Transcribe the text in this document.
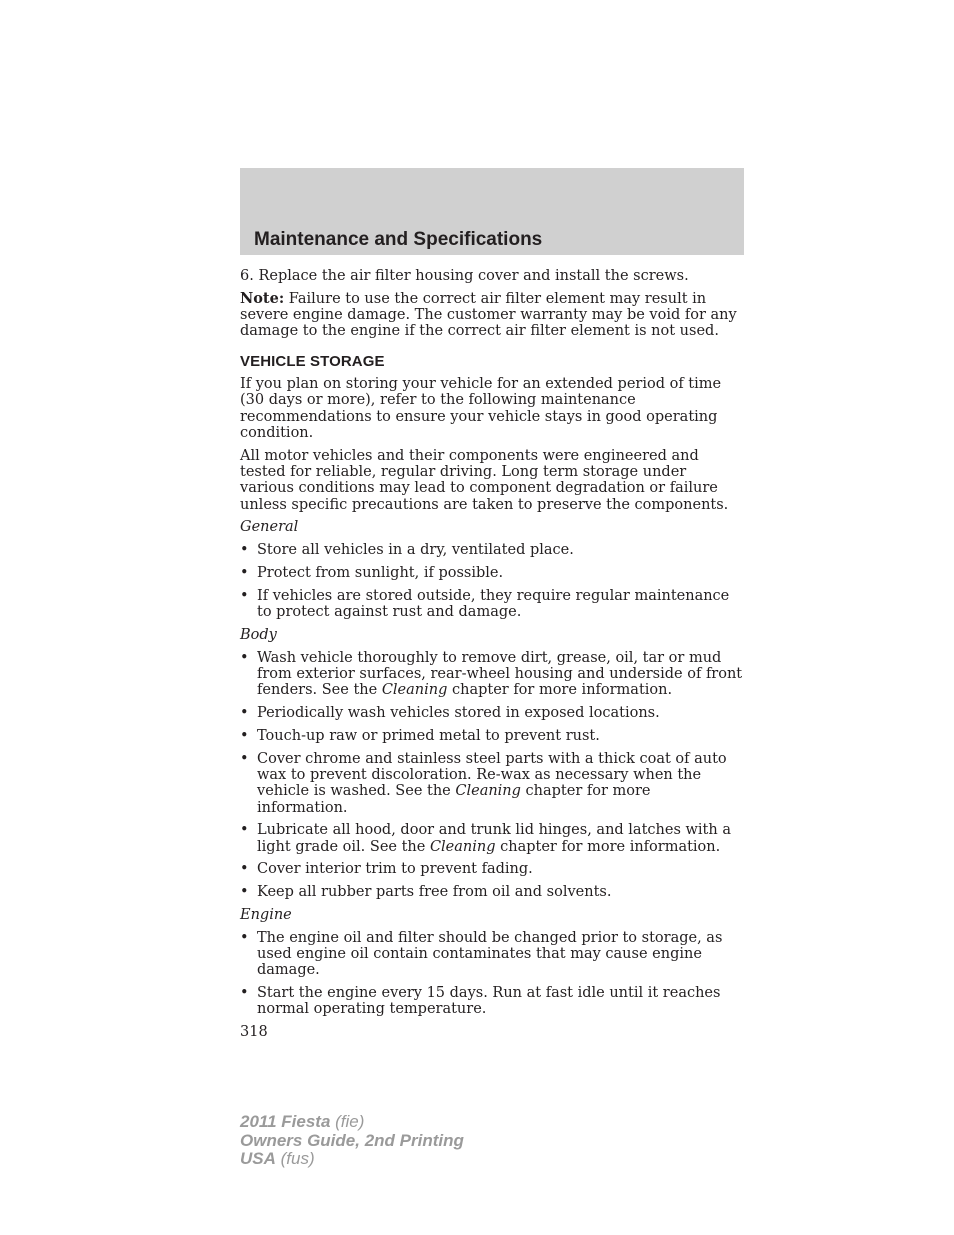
Maintenance and Specifications

6. Replace the air filter housing cover and install the screws.

Note: Failure to use the correct air filter element may result in severe engine damage. The customer warranty may be void for any damage to the engine if the correct air filter element is not used.

VEHICLE STORAGE

If you plan on storing your vehicle for an extended period of time (30 days or more), refer to the following maintenance recommendations to ensure your vehicle stays in good operating condition.

All motor vehicles and their components were engineered and tested for reliable, regular driving. Long term storage under various conditions may lead to component degradation or failure unless specific precautions are taken to preserve the components.

General

• Store all vehicles in a dry, ventilated place.
• Protect from sunlight, if possible.
• If vehicles are stored outside, they require regular maintenance to protect against rust and damage.

Body

• Wash vehicle thoroughly to remove dirt, grease, oil, tar or mud from exterior surfaces, rear-wheel housing and underside of front fenders. See the Cleaning chapter for more information.
• Periodically wash vehicles stored in exposed locations.
• Touch-up raw or primed metal to prevent rust.
• Cover chrome and stainless steel parts with a thick coat of auto wax to prevent discoloration. Re-wax as necessary when the vehicle is washed. See the Cleaning chapter for more information.
• Lubricate all hood, door and trunk lid hinges, and latches with a light grade oil. See the Cleaning chapter for more information.
• Cover interior trim to prevent fading.
• Keep all rubber parts free from oil and solvents.

Engine

• The engine oil and filter should be changed prior to storage, as used engine oil contain contaminates that may cause engine damage.
• Start the engine every 15 days. Run at fast idle until it reaches normal operating temperature.
318
2011 Fiesta (fie)
Owners Guide, 2nd Printing
USA (fus)
